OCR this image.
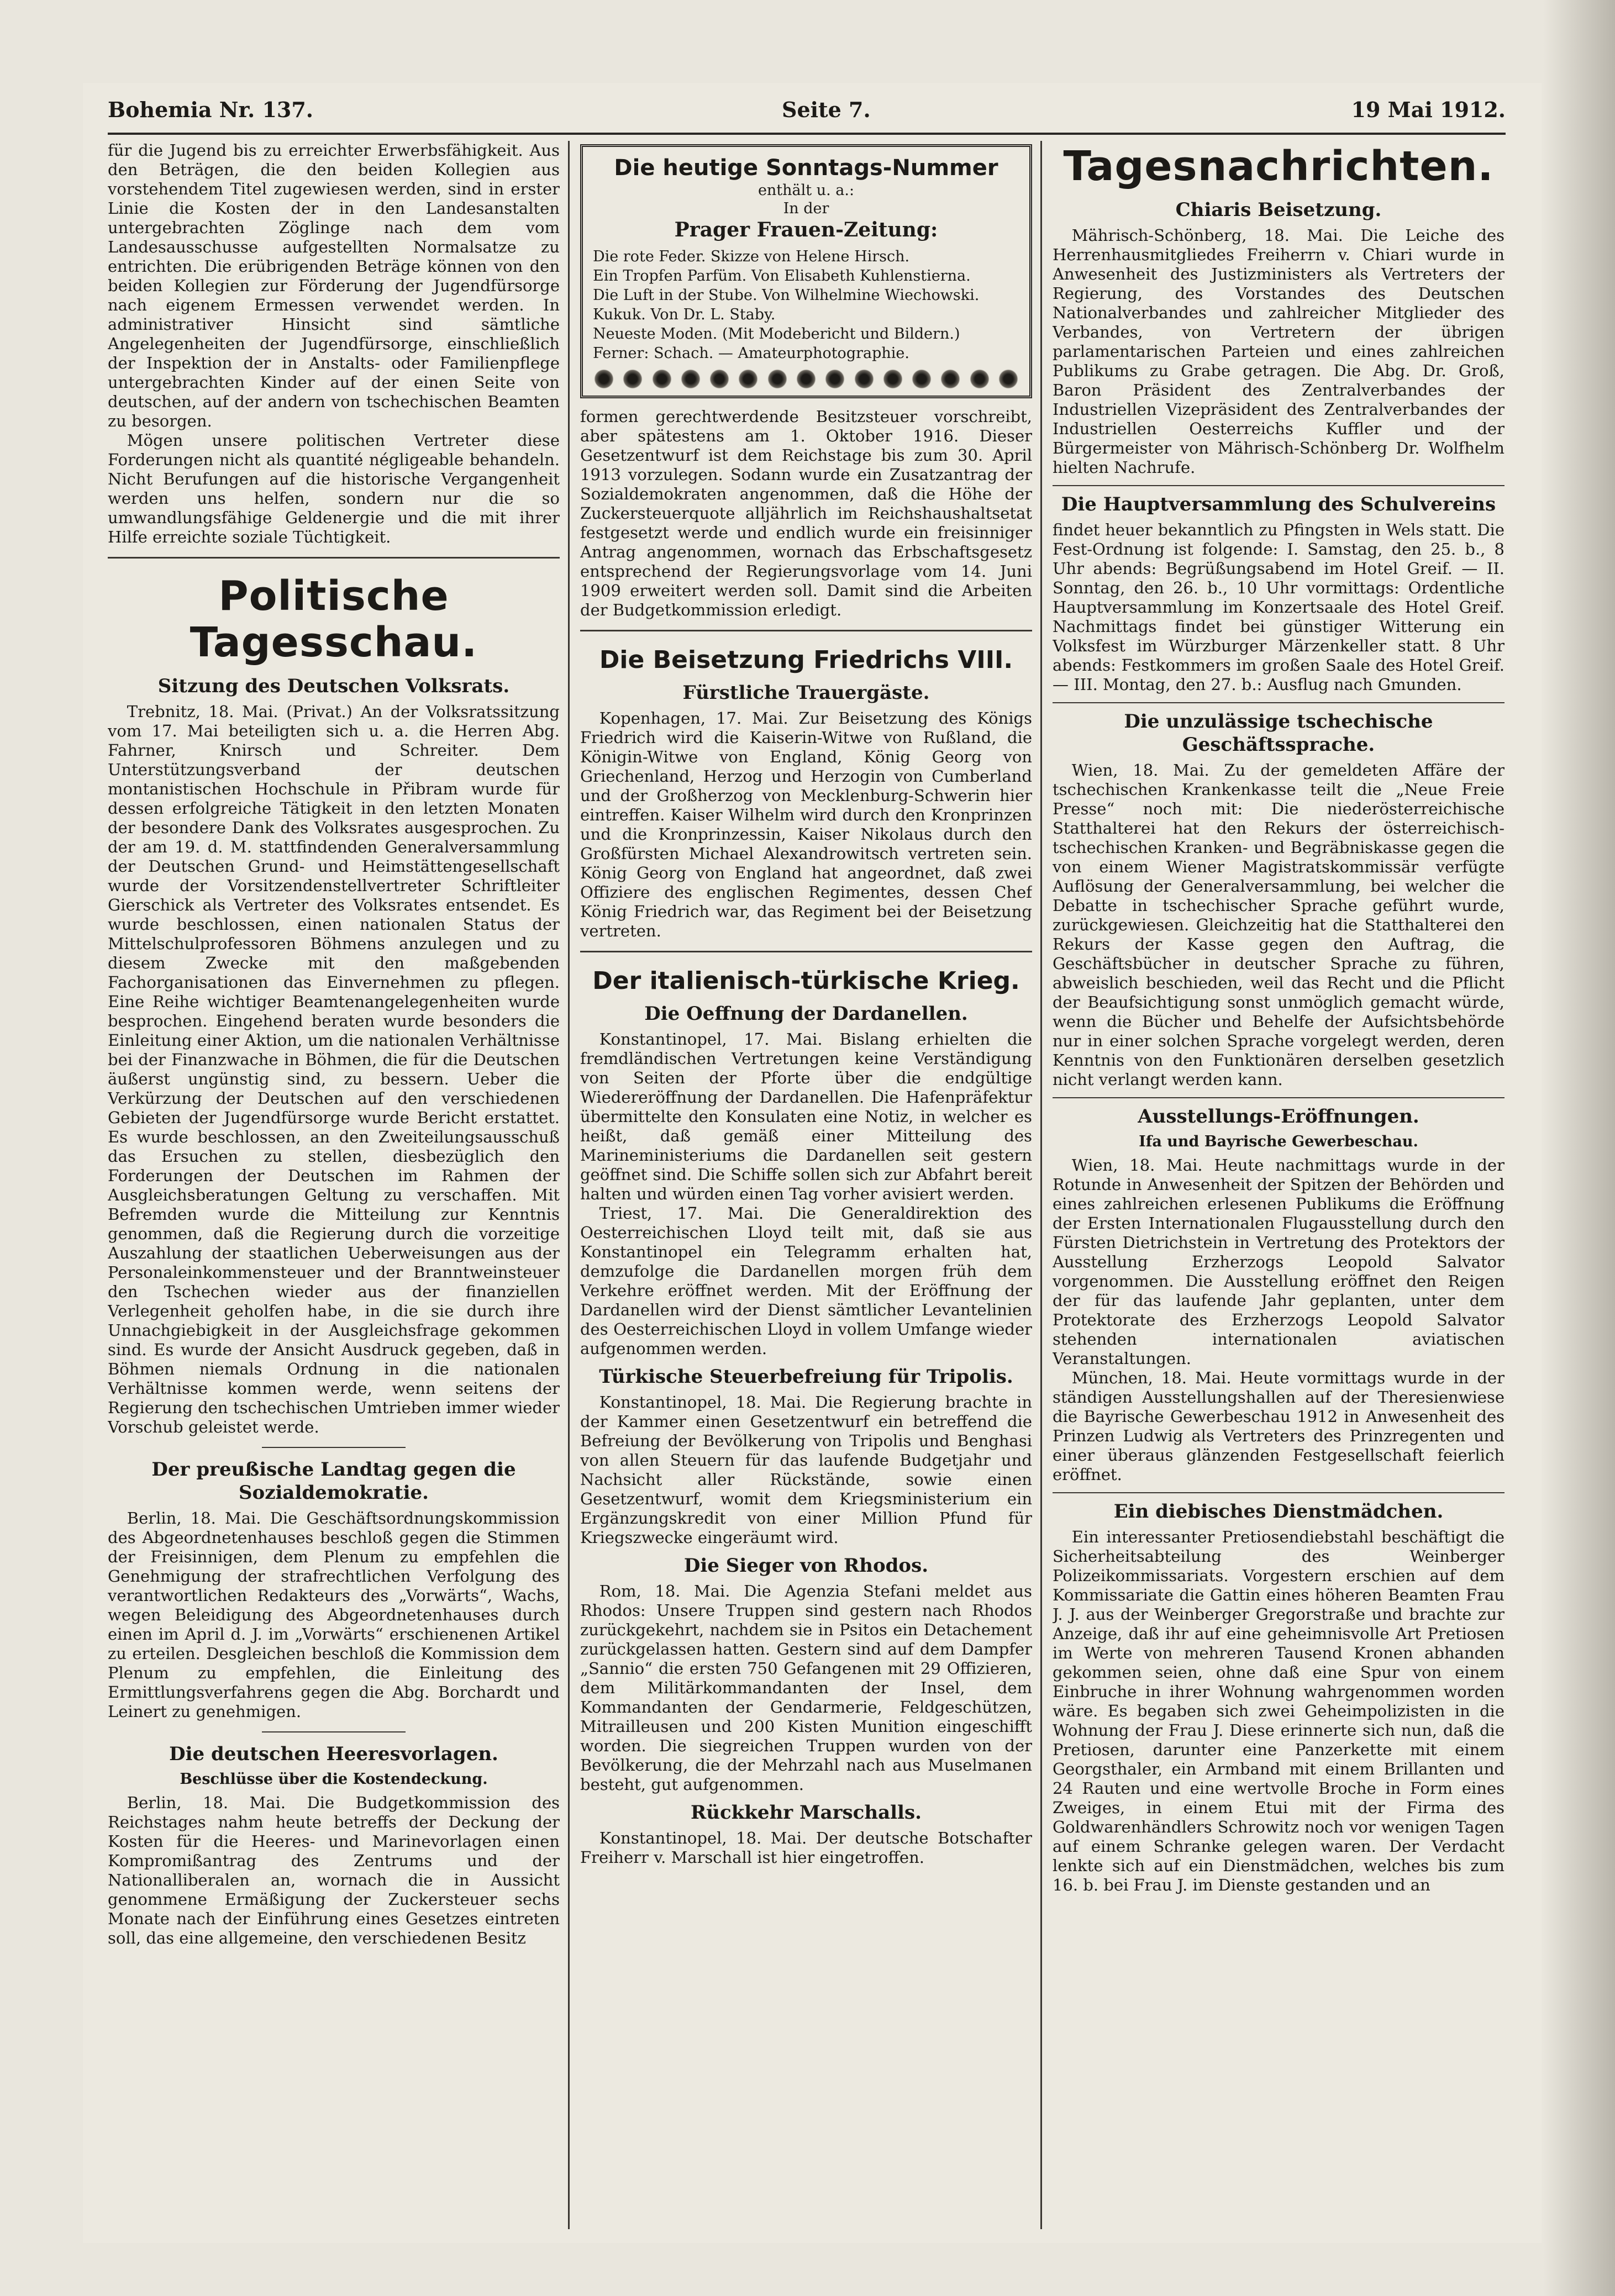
Bohemia Nr. 137.	Seite 7.	19 Mai 1912.

für die Jugend bis zu erreichter Erwerbsfähigkeit. Aus den Beträgen, die den beiden Kollegien aus vorstehendem Titel zugewiesen werden, sind in erster Linie die Kosten der in den Landesanstalten untergebrachten Zöglinge nach dem vom Landesausschusse aufgestellten Normalsatze zu entrichten. Die erübrigenden Beträge können von den beiden Kollegien zur Förderung der Jugendfürsorge nach eigenem Ermessen verwendet werden. In administrativer Hinsicht sind sämtliche Angelegenheiten der Jugendfürsorge, einschließlich der Inspektion der in Anstalts- oder Familienpflege untergebrachten Kinder auf der einen Seite von deutschen, auf der andern von tschechischen Beamten zu besorgen.

Mögen unsere politischen Vertreter diese Forderungen nicht als quantité négligeable behandeln. Nicht Berufungen auf die historische Vergangenheit werden uns helfen, sondern nur die so umwandlungsfähige Geldenergie und die mit ihrer Hilfe erreichte soziale Tüchtigkeit.

Politische Tagesschau.
Sitzung des Deutschen Volksrats.

Trebnitz, 18. Mai. (Privat.) An der Volksratssitzung vom 17. Mai beteiligten sich u. a. die Herren Abg. Fahrner, Knirsch und Schreiter. Dem Unterstützungsverband der deutschen montanistischen Hochschule in Přibram wurde für dessen erfolgreiche Tätigkeit in den letzten Monaten der besondere Dank des Volksrates ausgesprochen. Zu der am 19. d. M. stattfindenden Generalversammlung der Deutschen Grund- und Heimstättengesellschaft wurde der Vorsitzendenstellvertreter Schriftleiter Gierschick als Vertreter des Volksrates entsendet. Es wurde beschlossen, einen nationalen Status der Mittelschulprofessoren Böhmens anzulegen und zu diesem Zwecke mit den maßgebenden Fachorganisationen das Einvernehmen zu pflegen. Eine Reihe wichtiger Beamtenangelegenheiten wurde besprochen. Eingehend beraten wurde besonders die Einleitung einer Aktion, um die nationalen Verhältnisse bei der Finanzwache in Böhmen, die für die Deutschen äußerst ungünstig sind, zu bessern. Ueber die Verkürzung der Deutschen auf den verschiedenen Gebieten der Jugendfürsorge wurde Bericht erstattet. Es wurde beschlossen, an den Zweiteilungsausschuß das Ersuchen zu stellen, diesbezüglich den Forderungen der Deutschen im Rahmen der Ausgleichsberatungen Geltung zu verschaffen. Mit Befremden wurde die Mitteilung zur Kenntnis genommen, daß die Regierung durch die vorzeitige Auszahlung der staatlichen Ueberweisungen aus der Personaleinkommensteuer und der Branntweinsteuer den Tschechen wieder aus der finanziellen Verlegenheit geholfen habe, in die sie durch ihre Unnachgiebigkeit in der Ausgleichsfrage gekommen sind. Es wurde der Ansicht Ausdruck gegeben, daß in Böhmen niemals Ordnung in die nationalen Verhältnisse kommen werde, wenn seitens der Regierung den tschechischen Umtrieben immer wieder Vorschub geleistet werde.

Der preußische Landtag gegen die Sozialdemokratie.

Berlin, 18. Mai. Die Geschäftsordnungskommission des Abgeordnetenhauses beschloß gegen die Stimmen der Freisinnigen, dem Plenum zu empfehlen die Genehmigung der strafrechtlichen Verfolgung des verantwortlichen Redakteurs des „Vorwärts“, Wachs, wegen Beleidigung des Abgeordnetenhauses durch einen im April d. J. im „Vorwärts“ erschienenen Artikel zu erteilen. Desgleichen beschloß die Kommission dem Plenum zu empfehlen, die Einleitung des Ermittlungsverfahrens gegen die Abg. Borchardt und Leinert zu genehmigen.

Die deutschen Heeresvorlagen.
Beschlüsse über die Kostendeckung.

Berlin, 18. Mai. Die Budgetkommission des Reichstages nahm heute betreffs der Deckung der Kosten für die Heeres- und Marinevorlagen einen Kompromißantrag des Zentrums und der Nationalliberalen an, wornach die in Aussicht genommene Ermäßigung der Zuckersteuer sechs Monate nach der Einführung eines Gesetzes eintreten soll, das eine allgemeine, den verschiedenen Besitz

Die heutige Sonntags-Nummer
enthält u. a.:
In der
Prager Frauen-Zeitung:
Die rote Feder. Skizze von Helene Hirsch.
Ein Tropfen Parfüm. Von Elisabeth Kuhlenstierna.
Die Luft in der Stube. Von Wilhelmine Wiechowski.
Kukuk. Von Dr. L. Staby.
Neueste Moden. (Mit Modebericht und Bildern.)
Ferner: Schach. — Amateurphotographie.

formen gerechtwerdende Besitzsteuer vorschreibt, aber spätestens am 1. Oktober 1916. Dieser Gesetzentwurf ist dem Reichstage bis zum 30. April 1913 vorzulegen. Sodann wurde ein Zusatzantrag der Sozialdemokraten angenommen, daß die Höhe der Zuckersteuerquote alljährlich im Reichshaushaltsetat festgesetzt werde und endlich wurde ein freisinniger Antrag angenommen, wornach das Erbschaftsgesetz entsprechend der Regierungsvorlage vom 14. Juni 1909 erweitert werden soll. Damit sind die Arbeiten der Budgetkommission erledigt.

Die Beisetzung Friedrichs VIII.
Fürstliche Trauergäste.

Kopenhagen, 17. Mai. Zur Beisetzung des Königs Friedrich wird die Kaiserin-Witwe von Rußland, die Königin-Witwe von England, König Georg von Griechenland, Herzog und Herzogin von Cumberland und der Großherzog von Mecklenburg-Schwerin hier eintreffen. Kaiser Wilhelm wird durch den Kronprinzen und die Kronprinzessin, Kaiser Nikolaus durch den Großfürsten Michael Alexandrowitsch vertreten sein. König Georg von England hat angeordnet, daß zwei Offiziere des englischen Regimentes, dessen Chef König Friedrich war, das Regiment bei der Beisetzung vertreten.

Der italienisch-türkische Krieg.
Die Oeffnung der Dardanellen.

Konstantinopel, 17. Mai. Bislang erhielten die fremdländischen Vertretungen keine Verständigung von Seiten der Pforte über die endgültige Wiedereröffnung der Dardanellen. Die Hafenpräfektur übermittelte den Konsulaten eine Notiz, in welcher es heißt, daß gemäß einer Mitteilung des Marineministeriums die Dardanellen seit gestern geöffnet sind. Die Schiffe sollen sich zur Abfahrt bereit halten und würden einen Tag vorher avisiert werden.

Triest, 17. Mai. Die Generaldirektion des Oesterreichischen Lloyd teilt mit, daß sie aus Konstantinopel ein Telegramm erhalten hat, demzufolge die Dardanellen morgen früh dem Verkehre eröffnet werden. Mit der Eröffnung der Dardanellen wird der Dienst sämtlicher Levantelinien des Oesterreichischen Lloyd in vollem Umfange wieder aufgenommen werden.

Türkische Steuerbefreiung für Tripolis.

Konstantinopel, 18. Mai. Die Regierung brachte in der Kammer einen Gesetzentwurf ein betreffend die Befreiung der Bevölkerung von Tripolis und Benghasi von allen Steuern für das laufende Budgetjahr und Nachsicht aller Rückstände, sowie einen Gesetzentwurf, womit dem Kriegsministerium ein Ergänzungskredit von einer Million Pfund für Kriegszwecke eingeräumt wird.

Die Sieger von Rhodos.

Rom, 18. Mai. Die Agenzia Stefani meldet aus Rhodos: Unsere Truppen sind gestern nach Rhodos zurückgekehrt, nachdem sie in Psitos ein Detachement zurückgelassen hatten. Gestern sind auf dem Dampfer „Sannio“ die ersten 750 Gefangenen mit 29 Offizieren, dem Militärkommandanten der Insel, dem Kommandanten der Gendarmerie, Feldgeschützen, Mitrailleusen und 200 Kisten Munition eingeschifft worden. Die siegreichen Truppen wurden von der Bevölkerung, die der Mehrzahl nach aus Muselmanen besteht, gut aufgenommen.

Rückkehr Marschalls.

Konstantinopel, 18. Mai. Der deutsche Botschafter Freiherr v. Marschall ist hier eingetroffen.

Tagesnachrichten.
Chiaris Beisetzung.

Mährisch-Schönberg, 18. Mai. Die Leiche des Herrenhausmitgliedes Freiherrn v. Chiari wurde in Anwesenheit des Justizministers als Vertreters der Regierung, des Vorstandes des Deutschen Nationalverbandes und zahlreicher Mitglieder des Verbandes, von Vertretern der übrigen parlamentarischen Parteien und eines zahlreichen Publikums zu Grabe getragen. Die Abg. Dr. Groß, Baron Präsident des Zentralverbandes der Industriellen Vizepräsident des Zentralverbandes der Industriellen Oesterreichs Kuffler und der Bürgermeister von Mährisch-Schönberg Dr. Wolfhelm hielten Nachrufe.

Die Hauptversammlung des Schulvereins

findet heuer bekanntlich zu Pfingsten in Wels statt. Die Fest-Ordnung ist folgende: I. Samstag, den 25. b., 8 Uhr abends: Begrüßungsabend im Hotel Greif. — II. Sonntag, den 26. b., 10 Uhr vormittags: Ordentliche Hauptversammlung im Konzertsaale des Hotel Greif. Nachmittags findet bei günstiger Witterung ein Volksfest im Würzburger Märzenkeller statt. 8 Uhr abends: Festkommers im großen Saale des Hotel Greif. — III. Montag, den 27. b.: Ausflug nach Gmunden.

Die unzulässige tschechische Geschäftssprache.

Wien, 18. Mai. Zu der gemeldeten Affäre der tschechischen Krankenkasse teilt die „Neue Freie Presse“ noch mit: Die niederösterreichische Statthalterei hat den Rekurs der österreichisch-tschechischen Kranken- und Begräbniskasse gegen die von einem Wiener Magistratskommissär verfügte Auflösung der Generalversammlung, bei welcher die Debatte in tschechischer Sprache geführt wurde, zurückgewiesen. Gleichzeitig hat die Statthalterei den Rekurs der Kasse gegen den Auftrag, die Geschäftsbücher in deutscher Sprache zu führen, abweislich beschieden, weil das Recht und die Pflicht der Beaufsichtigung sonst unmöglich gemacht würde, wenn die Bücher und Behelfe der Aufsichtsbehörde nur in einer solchen Sprache vorgelegt werden, deren Kenntnis von den Funktionären derselben gesetzlich nicht verlangt werden kann.

Ausstellungs-Eröffnungen.
Ifa und Bayrische Gewerbeschau.

Wien, 18. Mai. Heute nachmittags wurde in der Rotunde in Anwesenheit der Spitzen der Behörden und eines zahlreichen erlesenen Publikums die Eröffnung der Ersten Internationalen Flugausstellung durch den Fürsten Dietrichstein in Vertretung des Protektors der Ausstellung Erzherzogs Leopold Salvator vorgenommen. Die Ausstellung eröffnet den Reigen der für das laufende Jahr geplanten, unter dem Protektorate des Erzherzogs Leopold Salvator stehenden internationalen aviatischen Veranstaltungen.

München, 18. Mai. Heute vormittags wurde in der ständigen Ausstellungshallen auf der Theresienwiese die Bayrische Gewerbeschau 1912 in Anwesenheit des Prinzen Ludwig als Vertreters des Prinzregenten und einer überaus glänzenden Festgesellschaft feierlich eröffnet.

Ein diebisches Dienstmädchen.

Ein interessanter Pretiosendiebstahl beschäftigt die Sicherheitsabteilung des Weinberger Polizeikommissariats. Vorgestern erschien auf dem Kommissariate die Gattin eines höheren Beamten Frau J. J. aus der Weinberger Gregorstraße und brachte zur Anzeige, daß ihr auf eine geheimnisvolle Art Pretiosen im Werte von mehreren Tausend Kronen abhanden gekommen seien, ohne daß eine Spur von einem Einbruche in ihrer Wohnung wahrgenommen worden wäre. Es begaben sich zwei Geheimpolizisten in die Wohnung der Frau J. Diese erinnerte sich nun, daß die Pretiosen, darunter eine Panzerkette mit einem Georgsthaler, ein Armband mit einem Brillanten und 24 Rauten und eine wertvolle Broche in Form eines Zweiges, in einem Etui mit der Firma des Goldwarenhändlers Schrowitz noch vor wenigen Tagen auf einem Schranke gelegen waren. Der Verdacht lenkte sich auf ein Dienstmädchen, welches bis zum 16. b. bei Frau J. im Dienste gestanden und an
